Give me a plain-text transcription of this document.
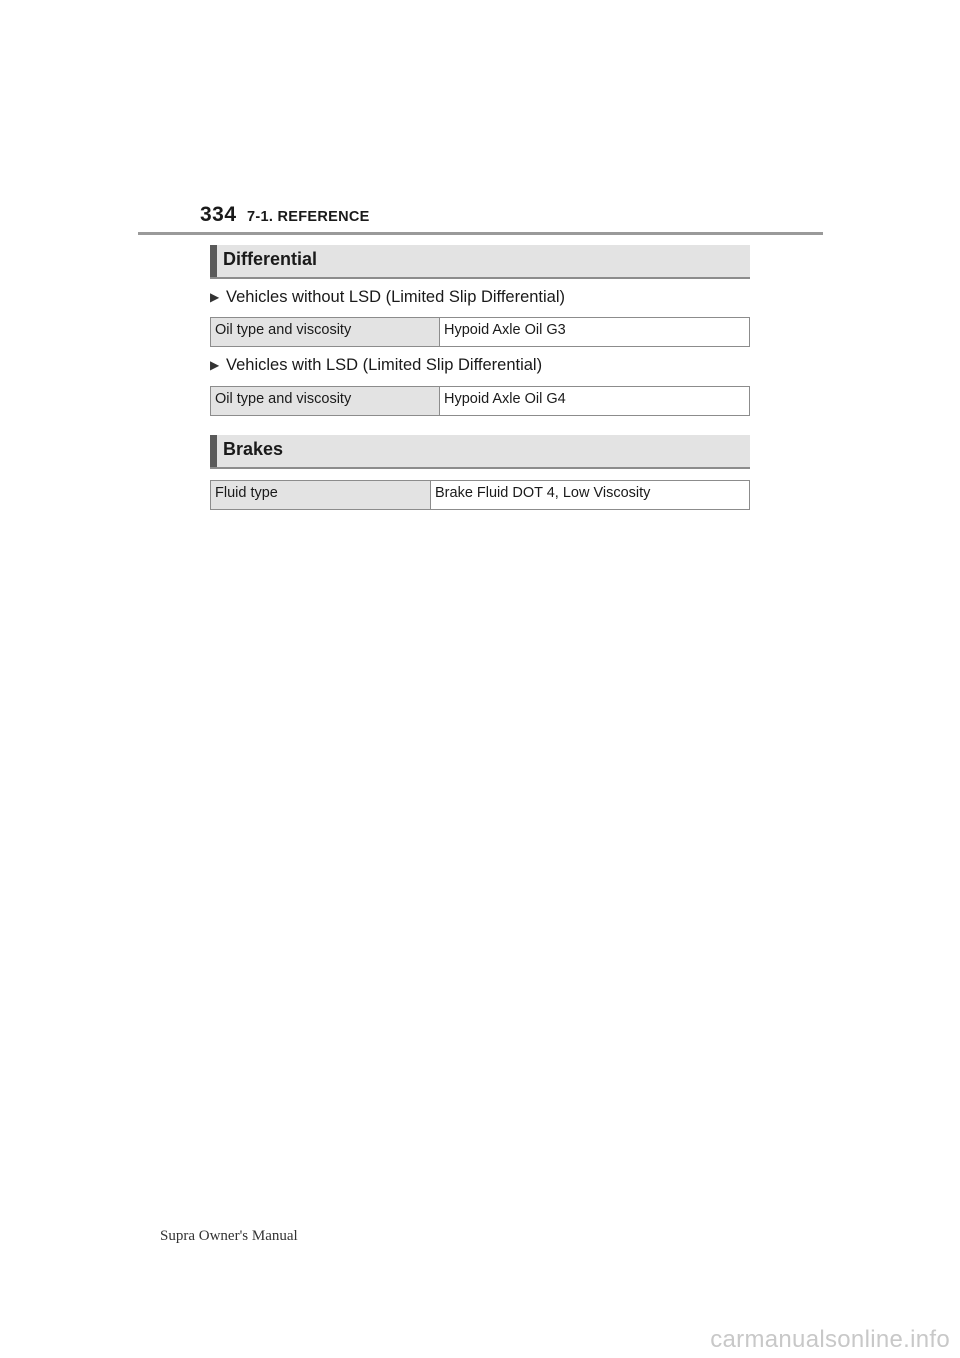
334 7-1. REFERENCE
Differential
▶ Vehicles without LSD (Limited Slip Differential)
Oil type and viscosity	Hypoid Axle Oil G3
▶ Vehicles with LSD (Limited Slip Differential)
Oil type and viscosity	Hypoid Axle Oil G4
Brakes
Fluid type	Brake Fluid DOT 4, Low Viscosity
Supra Owner's Manual
carmanualsonline.info
